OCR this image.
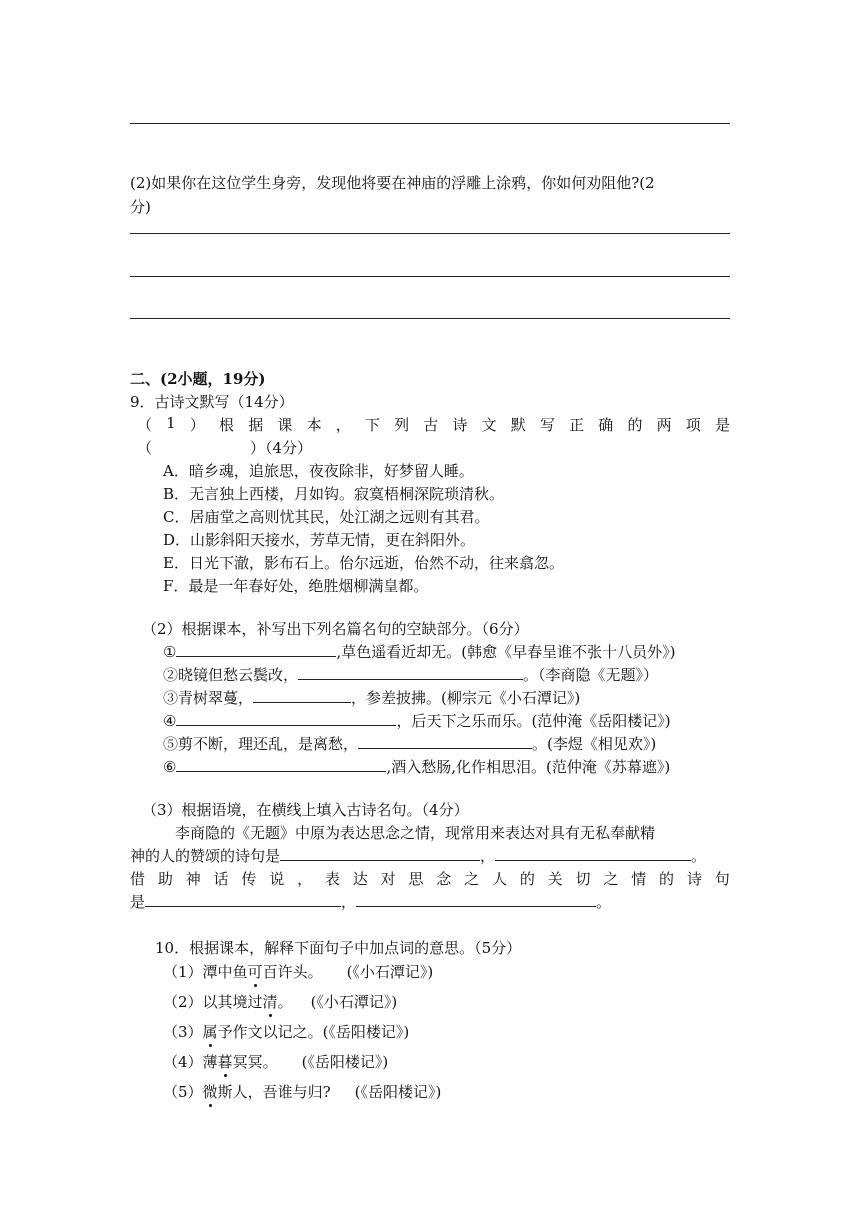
(2)如果你在这位学生身旁，发现他将要在神庙的浮雕上涂鸦，你如何劝阻他?(2
分)
二、(2小题，19分)
9．古诗文默写（14分）
（ 1 ） 根 据 课 本 ， 下 列 古 诗 文 默 写 正 确 的 两 项 是
（	）（4分）
A．暗乡魂，追旅思，夜夜除非，好梦留人睡。
B．无言独上西楼，月如钩。寂寞梧桐深院琐清秋。
C．居庙堂之高则忧其民，处江湖之远则有其君。
D．山影斜阳天接水，芳草无情，更在斜阳外。
E．日光下澈，影布石上。佁尔远逝，佁然不动，往来翕忽。
F．最是一年春好处，绝胜烟柳满皇都。
（2）根据课本，补写出下列名篇名句的空缺部分。（6分）
①	,草色遥看近却无。(韩愈《早春呈谁不张十八员外》)
②晓镜但愁云鬓改，	。（李商隐《无题》）
③青树翠蔓，	，参差披拂。(柳宗元《小石潭记》)
④	，后天下之乐而乐。(范仲淹《岳阳楼记》)
⑤剪不断，理还乱，是离愁，	。(李煜《相见欢》)
⑥	,酒入愁肠,化作相思泪。(范仲淹《苏幕遮》)
（3）根据语境，在横线上填入古诗名句。（4分）
李商隐的《无题》中原为表达思念之情，现常用来表达对具有无私奉献精
神的人的赞颂的诗句是	，	。
借 助 神 话 传 说 ， 表 达 对 思 念 之 人 的 关 切 之 情 的 诗 句
是	，	。
10．根据课本，解释下面句子中加点词的意思。（5分）
（1）潭中鱼可百许头。 (《小石潭记》)
（2）以其境过清。 (《小石潭记》)
（3）属予作文以记之。(《岳阳楼记》)
（4）薄暮冥冥。 (《岳阳楼记》)
（5）微斯人，吾谁与归? (《岳阳楼记》)
